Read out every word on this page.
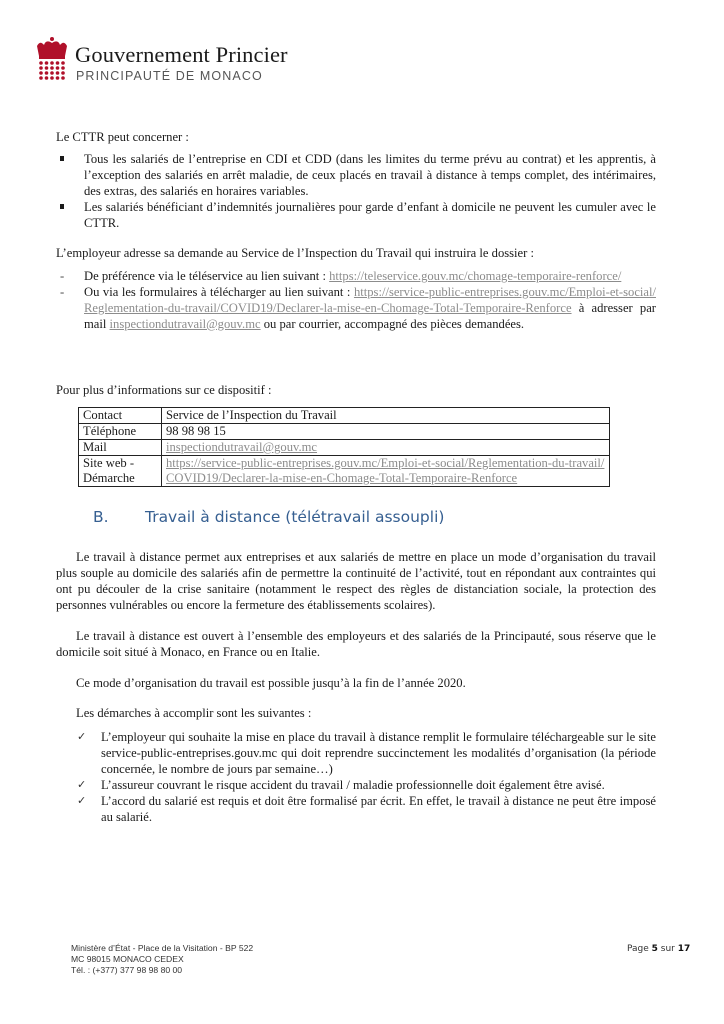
Gouvernement Princier
PRINCIPAUTÉ DE MONACO
Le CTTR peut concerner :
Tous les salariés de l’entreprise en CDI et CDD (dans les limites du terme prévu au contrat) et les apprentis, à l’exception des salariés en arrêt maladie, de ceux placés en travail à distance à temps complet, des intérimaires, des extras, des salariés en horaires variables.
Les salariés bénéficiant d’indemnités journalières pour garde d’enfant à domicile ne peuvent les cumuler avec le CTTR.
L’employeur adresse sa demande au Service de l’Inspection du Travail qui instruira le dossier :
- De préférence via le téléservice au lien suivant : https://teleservice.gouv.mc/chomage-temporaire-renforce/
- Ou via les formulaires à télécharger au lien suivant : https://service-public-entreprises.gouv.mc/Emploi-et-social/Reglementation-du-travail/COVID19/Declarer-la-mise-en-Chomage-Total-Temporaire-Renforce à adresser par mail inspectiondutravail@gouv.mc ou par courrier, accompagné des pièces demandées.
Pour plus d’informations sur ce dispositif :
Contact	Service de l’Inspection du Travail
Téléphone	98 98 98 15
Mail	inspectiondutravail@gouv.mc
Site web - Démarche	https://service-public-entreprises.gouv.mc/Emploi-et-social/Reglementation-du-travail/COVID19/Declarer-la-mise-en-Chomage-Total-Temporaire-Renforce
B. Travail à distance (télétravail assoupli)
Le travail à distance permet aux entreprises et aux salariés de mettre en place un mode d’organisation du travail plus souple au domicile des salariés afin de permettre la continuité de l’activité, tout en répondant aux contraintes qui ont pu découler de la crise sanitaire (notamment le respect des règles de distanciation sociale, la protection des personnes vulnérables ou encore la fermeture des établissements scolaires).
Le travail à distance est ouvert à l’ensemble des employeurs et des salariés de la Principauté, sous réserve que le domicile soit situé à Monaco, en France ou en Italie.
Ce mode d’organisation du travail est possible jusqu’à la fin de l’année 2020.
Les démarches à accomplir sont les suivantes :
✓ L’employeur qui souhaite la mise en place du travail à distance remplit le formulaire téléchargeable sur le site service-public-entreprises.gouv.mc qui doit reprendre succinctement les modalités d’organisation (la période concernée, le nombre de jours par semaine…)
✓ L’assureur couvrant le risque accident du travail / maladie professionnelle doit également être avisé.
✓ L’accord du salarié est requis et doit être formalisé par écrit. En effet, le travail à distance ne peut être imposé au salarié.
Ministère d’État - Place de la Visitation - BP 522
MC 98015 MONACO CEDEX
Tél. : (+377) 377 98 98 80 00
Page 5 sur 17
